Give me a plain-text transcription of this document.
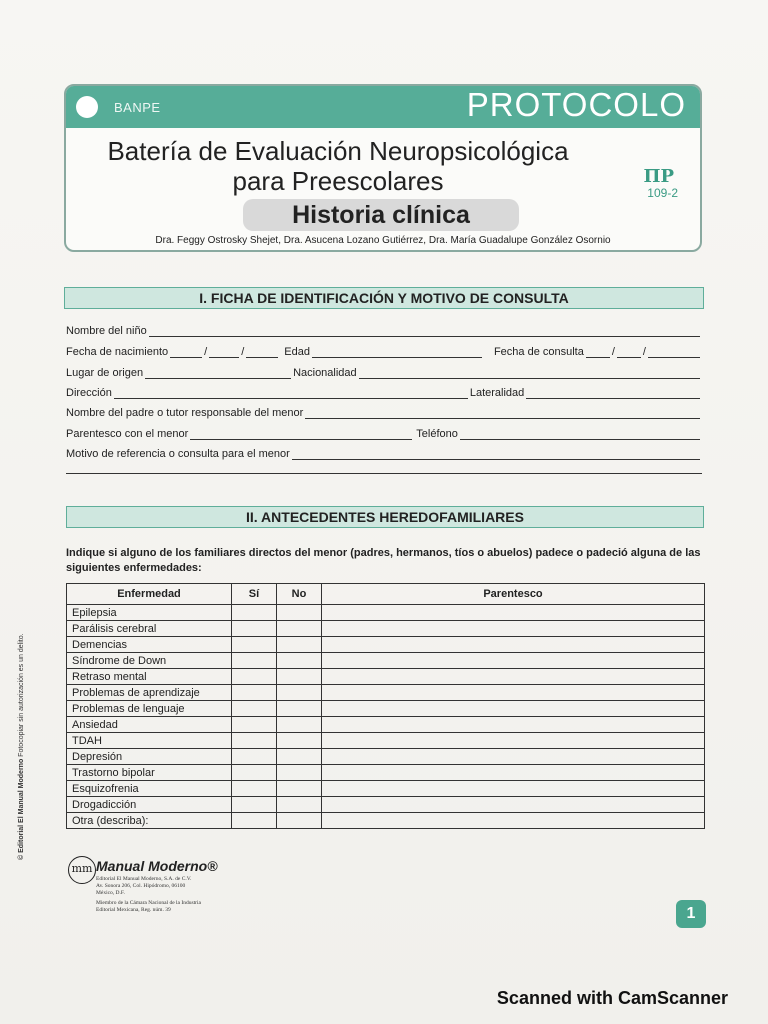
BANPE	PROTOCOLO
Batería de Evaluación Neuropsicológica
para Preescolares
Historia clínica
ΠΡ
109-2
Dra. Feggy Ostrosky Shejet, Dra. Asucena Lozano Gutiérrez, Dra. María Guadalupe González Osornio
I. FICHA DE IDENTIFICACIÓN Y MOTIVO DE CONSULTA
Nombre del niño
Fecha de nacimiento	/	/	Edad	Fecha de consulta	/	/
Lugar de origen	Nacionalidad
Dirección	Lateralidad
Nombre del padre o tutor responsable del menor
Parentesco con el menor	Teléfono
Motivo de referencia o consulta para el menor
II. ANTECEDENTES HEREDOFAMILIARES
Indique si alguno de los familiares directos del menor (padres, hermanos, tíos o abuelos) padece o padeció alguna de las siguientes enfermedades:
Enfermedad	Sí	No	Parentesco
Epilepsia			
Parálisis cerebral			
Demencias			
Síndrome de Down			
Retraso mental			
Problemas de aprendizaje			
Problemas de lenguaje			
Ansiedad			
TDAH			
Depresión			
Trastorno bipolar			
Esquizofrenia			
Drogadicción			
Otra (describa):			
© Editorial El Manual Moderno Fotocopiar sin autorización es un delito.
mm Manual Moderno®
Editorial El Manual Moderno, S.A. de C.V.
Av. Sonora 206, Col. Hipódromo, 06100
México, D.F.
Miembro de la Cámara Nacional de la Industria
Editorial Mexicana, Reg. núm. 39	1
Scanned with CamScanner
